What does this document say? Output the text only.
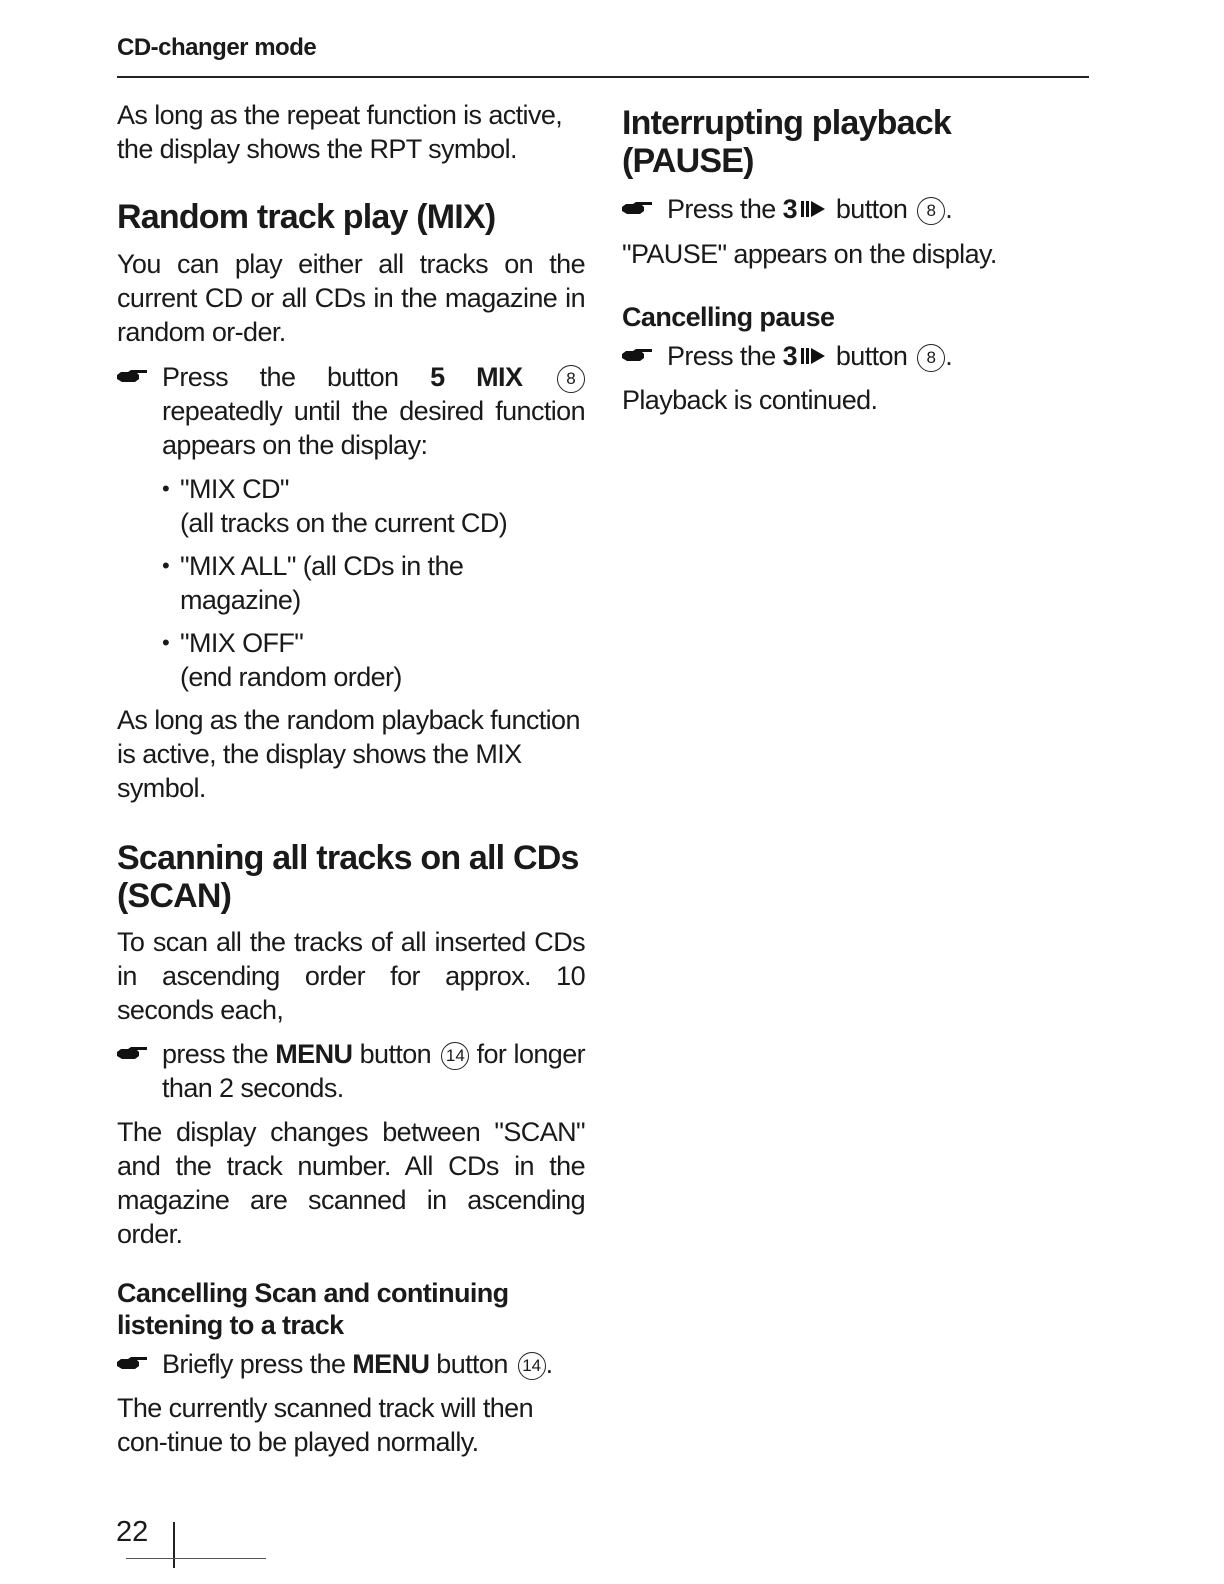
CD-changer mode

As long as the repeat function is active, the display shows the RPT symbol.

Random track play (MIX)

You can play either all tracks on the current CD or all CDs in the magazine in random or-der.

Press the button 5 MIX	8 repeatedly until the desired function appears on the display:
• "MIX CD"
(all tracks on the current CD)
• "MIX ALL" (all CDs in the magazine)
• "MIX OFF"
(end random order)

As long as the random playback function is active, the display shows the MIX symbol.

Scanning all tracks on all CDs (SCAN)

To scan all the tracks of all inserted CDs in ascending order for approx. 10 seconds each,

press the MENU button 14 for longer than 2 seconds.

The display changes between "SCAN" and the track number. All CDs in the magazine are scanned in ascending order.

Cancelling Scan and continuing listening to a track
Briefly press the MENU button 14 .

The currently scanned track will then con-tinue to be played normally.

Interrupting playback (PAUSE)
Press the 3 button 8 .

"PAUSE" appears on the display.

Cancelling pause
Press the 3 button 8 .

Playback is continued.

22
